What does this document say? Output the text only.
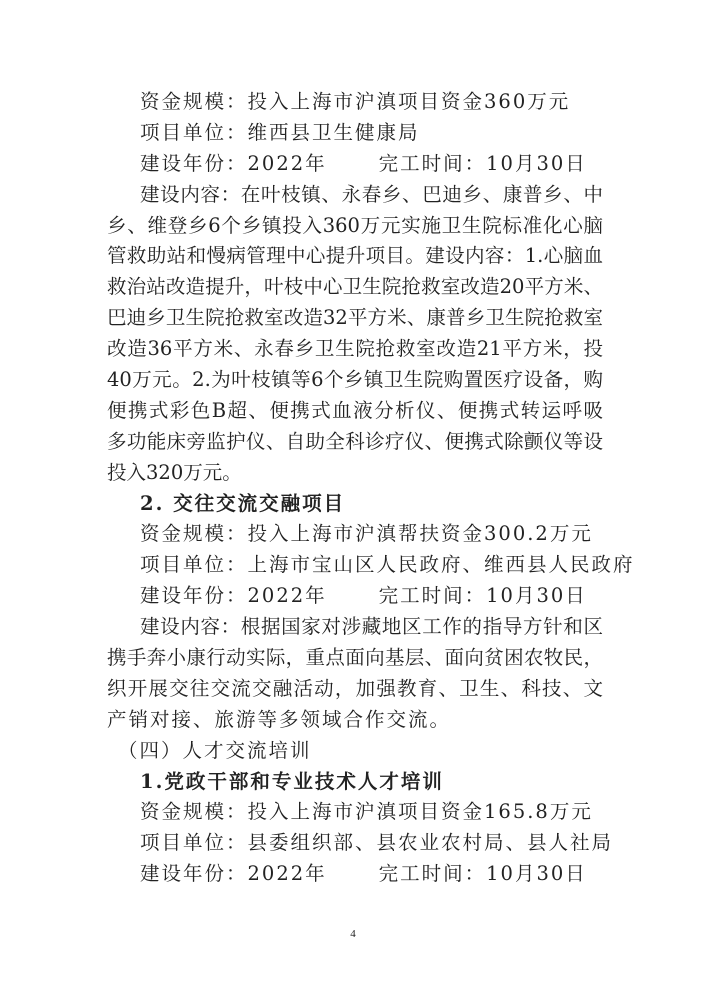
资金规模：投入上海市沪滇项目资金360万元
项目单位：维西县卫生健康局
建设年份：2022年	完工时间：10月30日
建设内容：在叶枝镇、永春乡、巴迪乡、康普乡、中
乡、维登乡6个乡镇投入360万元实施卫生院标准化心脑
管救助站和慢病管理中心提升项目。建设内容：1.心脑血
救治站改造提升，叶枝中心卫生院抢救室改造20平方米、
巴迪乡卫生院抢救室改造32平方米、康普乡卫生院抢救室
改造36平方米、永春乡卫生院抢救室改造21平方米，投
40万元。2.为叶枝镇等6个乡镇卫生院购置医疗设备，购
便携式彩色B超、便携式血液分析仪、便携式转运呼吸
多功能床旁监护仪、自助全科诊疗仪、便携式除颤仪等设
投入320万元。
2. 交往交流交融项目
资金规模：投入上海市沪滇帮扶资金300.2万元
项目单位：上海市宝山区人民政府、维西县人民政府
建设年份：2022年	完工时间：10月30日
建设内容：根据国家对涉藏地区工作的指导方针和区
携手奔小康行动实际，重点面向基层、面向贫困农牧民，
织开展交往交流交融活动，加强教育、卫生、科技、文
产销对接、旅游等多领域合作交流。
（四）人才交流培训
1.党政干部和专业技术人才培训
资金规模：投入上海市沪滇项目资金165.8万元
项目单位：县委组织部、县农业农村局、县人社局
建设年份：2022年	完工时间：10月30日
4
